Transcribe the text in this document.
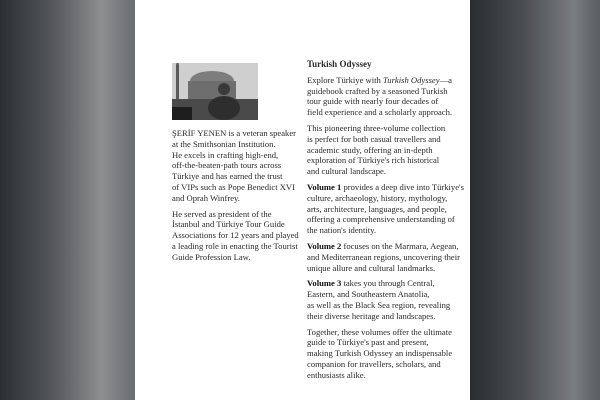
ŞERİF YENEN is a veteran speaker
at the Smithsonian Institution.
He excels in crafting high-end,
off-the-beaten-path tours across
Türkiye and has earned the trust
of VIPs such as Pope Benedict XVI
and Oprah Winfrey.
He served as president of the
İstanbul and Türkiye Tour Guide
Associations for 12 years and played
a leading role in enacting the Tourist
Guide Profession Law.
Turkish Odyssey
Explore Türkiye with Turkish Odyssey—a
guidebook crafted by a seasoned Turkish
tour guide with nearly four decades of
field experience and a scholarly approach.
This pioneering three-volume collection
is perfect for both casual travellers and
academic study, offering an in-depth
exploration of Türkiye's rich historical
and cultural landscape.
Volume 1 provides a deep dive into Türkiye's
culture, archaeology, history, mythology,
arts, architecture, languages, and people,
offering a comprehensive understanding of
the nation's identity.
Volume 2 focuses on the Marmara, Aegean,
and Mediterranean regions, uncovering their
unique allure and cultural landmarks.
Volume 3 takes you through Central,
Eastern, and Southeastern Anatolia,
as well as the Black Sea region, revealing
their diverse heritage and landscapes.
Together, these volumes offer the ultimate
guide to Türkiye's past and present,
making Turkish Odyssey an indispensable
companion for travellers, scholars, and
enthusiasts alike.
